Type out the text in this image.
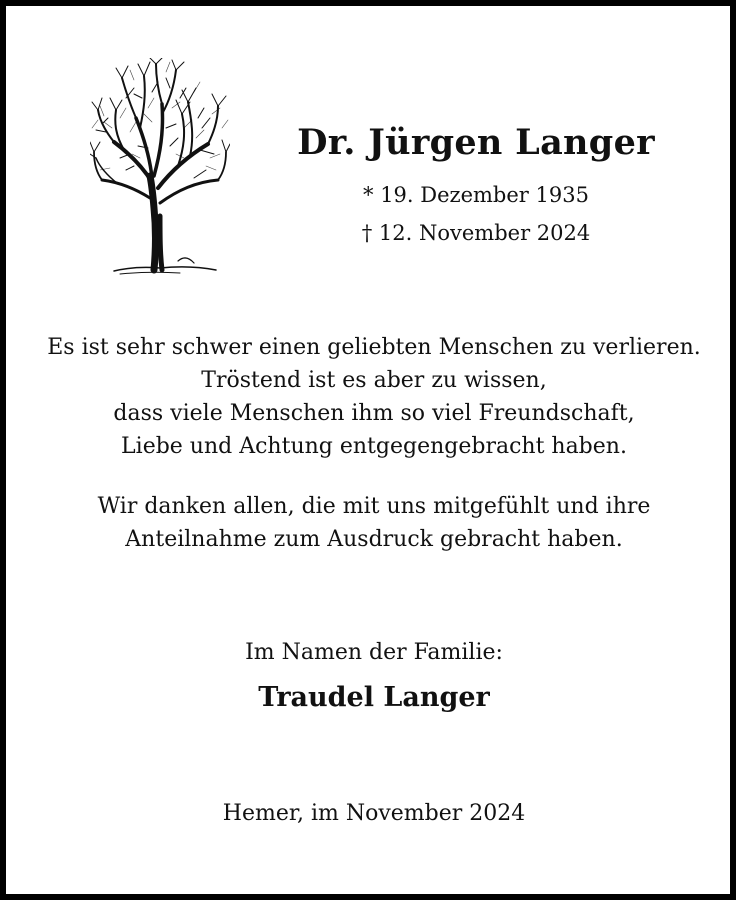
Dr. Jürgen Langer
* 19. Dezember 1935
† 12. November 2024
Es ist sehr schwer einen geliebten Menschen zu verlieren.
Tröstend ist es aber zu wissen,
dass viele Menschen ihm so viel Freundschaft,
Liebe und Achtung entgegengebracht haben.
Wir danken allen, die mit uns mitgefühlt und ihre
Anteilnahme zum Ausdruck gebracht haben.
Im Namen der Familie:
Traudel Langer
Hemer, im November 2024
